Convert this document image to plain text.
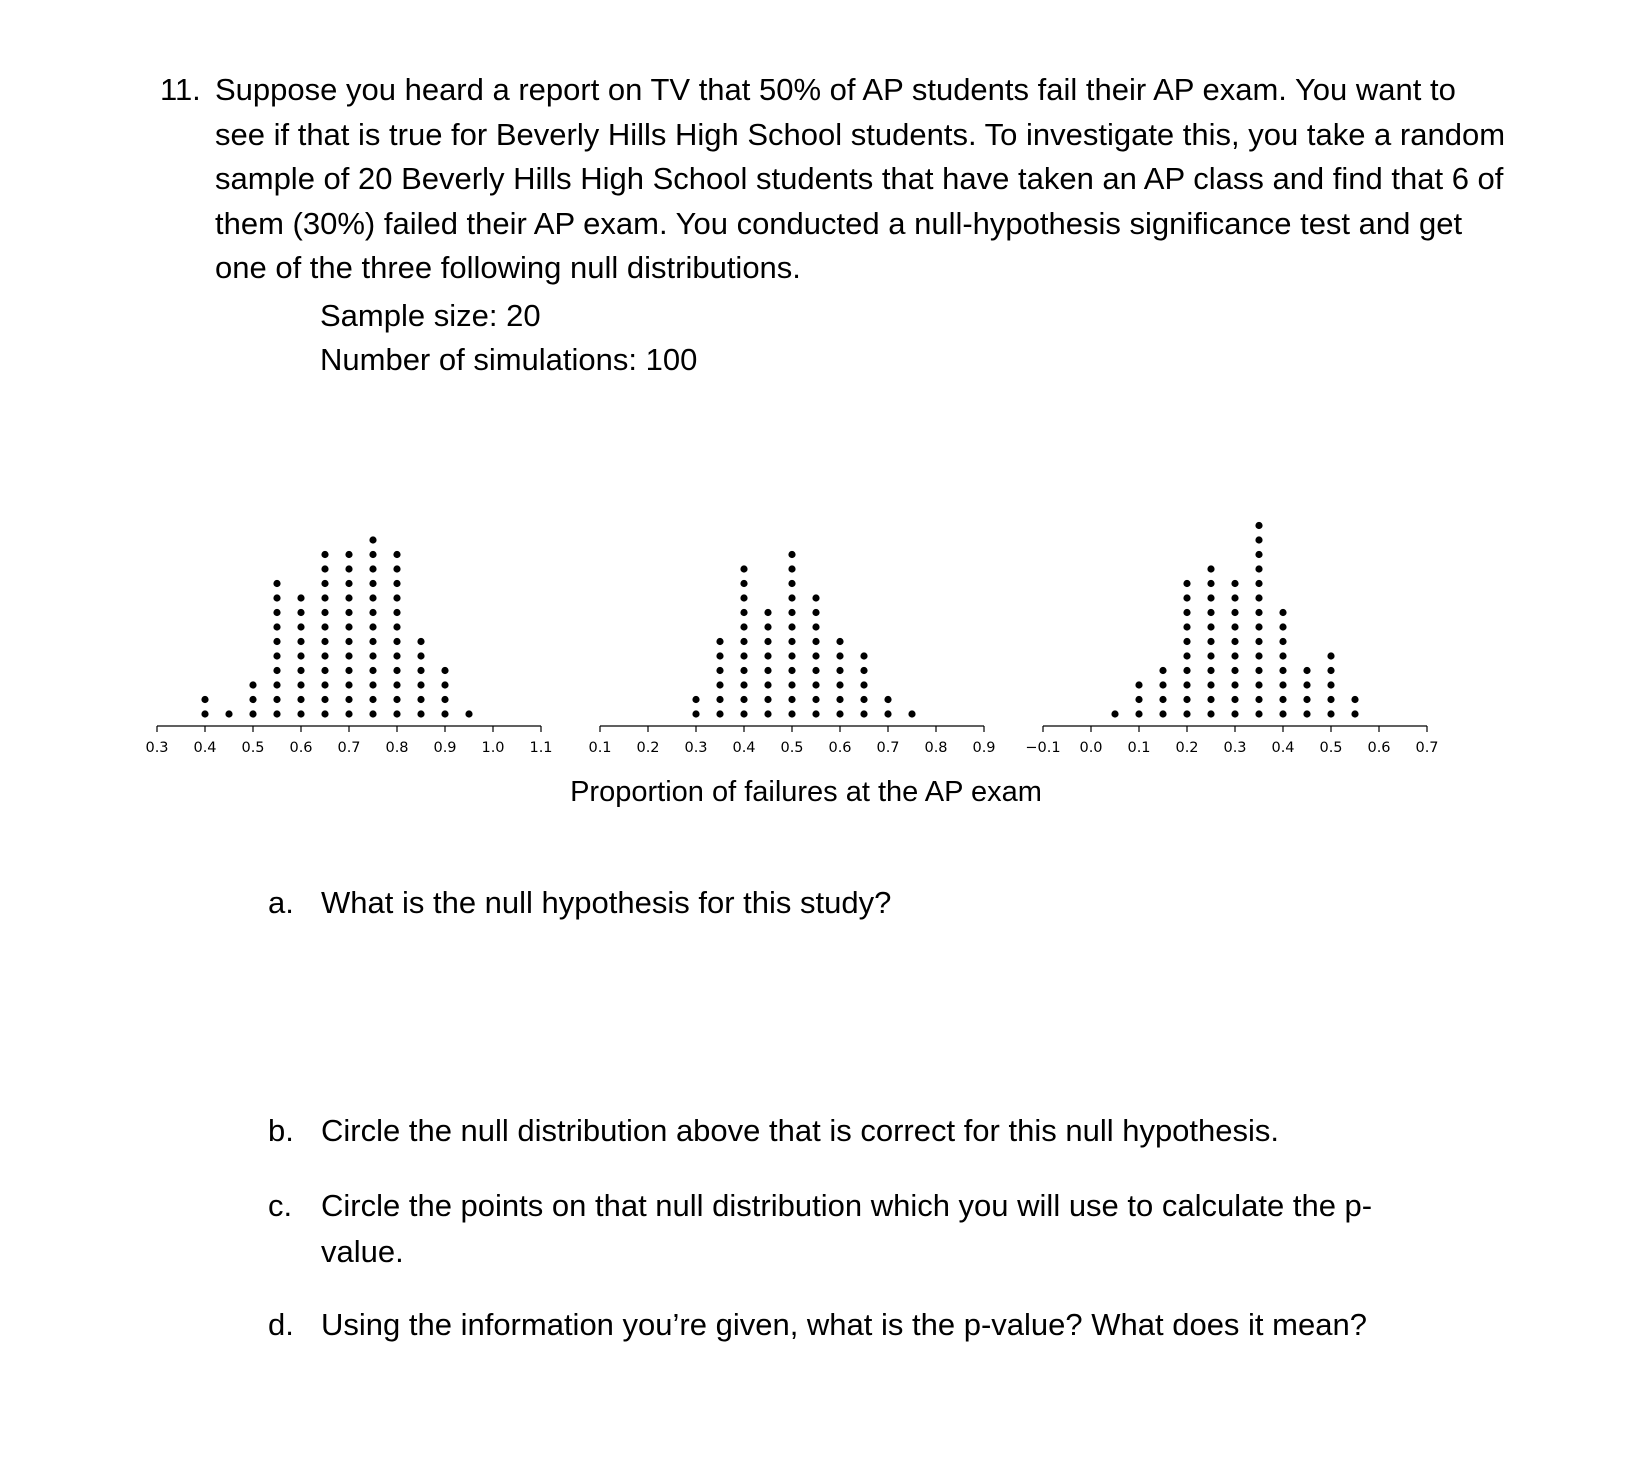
11. Suppose you heard a report on TV that 50% of AP students fail their AP exam. You want to see if that is true for Beverly Hills High School students. To investigate this, you take a random sample of 20 Beverly Hills High School students that have taken an AP class and find that 6 of them (30%) failed their AP exam. You conducted a null-hypothesis significance test and get one of the three following null distributions.
Sample size: 20
Number of simulations: 100
0.3 0.4 0.5 0.6 0.7 0.8 0.9 1.0 1.1 0.1 0.2 0.3 0.4 0.5 0.6 0.7 0.8 0.9 −0.1 0.0 0.1 0.2 0.3 0.4 0.5 0.6 0.7
Proportion of failures at the AP exam
a. What is the null hypothesis for this study?
b. Circle the null distribution above that is correct for this null hypothesis.
c. Circle the points on that null distribution which you will use to calculate the p-value.
d. Using the information you’re given, what is the p-value? What does it mean?
